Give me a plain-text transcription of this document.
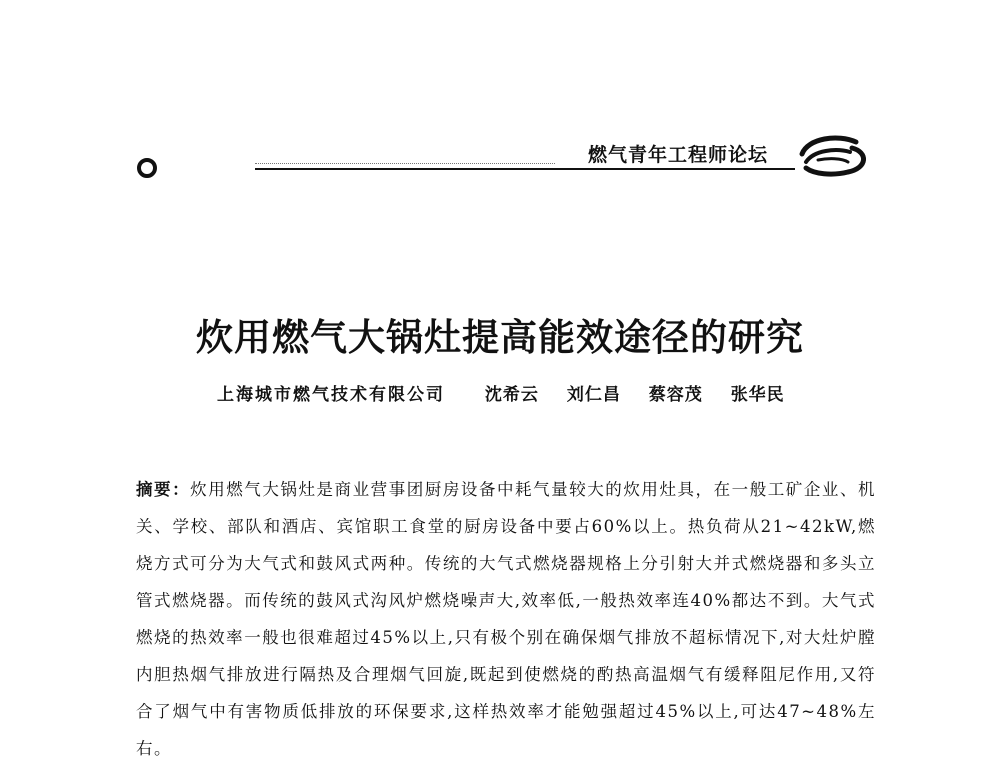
燃气青年工程师论坛
炊用燃气大锅灶提高能效途径的研究
上海城市燃气技术有限公司 沈希云 刘仁昌 蔡容茂 张华民

摘要：炊用燃气大锅灶是商业营事团厨房设备中耗气量较大的炊用灶具，在一般工矿企业、机关、学校、部队和酒店、宾馆职工食堂的厨房设备中要占60%以上。热负荷从21~42kW,燃烧方式可分为大气式和鼓风式两种。传统的大气式燃烧器规格上分引射大并式燃烧器和多头立管式燃烧器。而传统的鼓风式沟风炉燃烧噪声大,效率低,一般热效率连40%都达不到。大气式燃烧的热效率一般也很难超过45%以上,只有极个别在确保烟气排放不超标情况下,对大灶炉膛内胆热烟气排放进行隔热及合理烟气回旋,既起到使燃烧的酌热高温烟气有缓释阻尼作用,又符合了烟气中有害物质低排放的环保要求,这样热效率才能勉强超过45%以上,可达47~48%左右。
